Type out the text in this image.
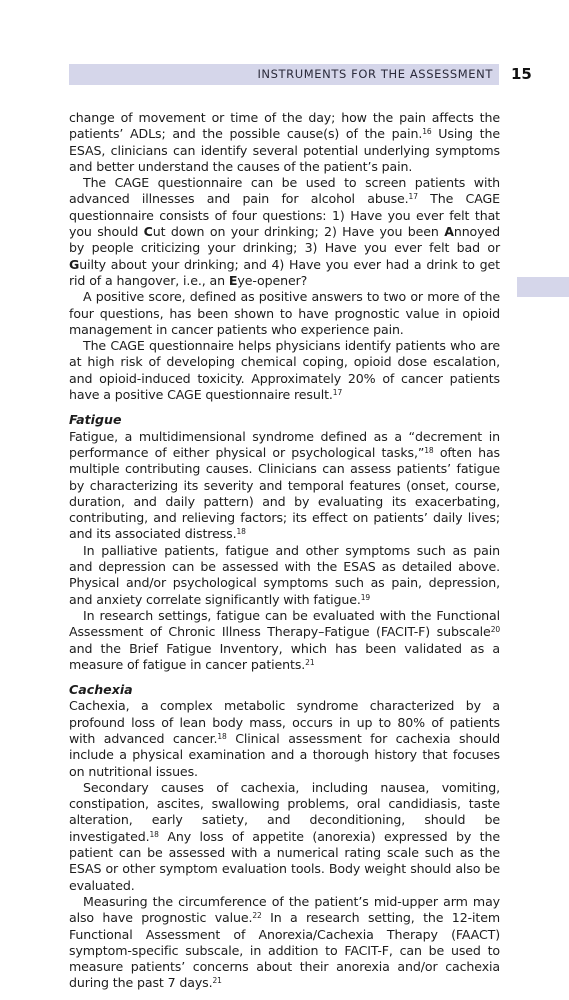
INSTRUMENTS FOR THE ASSESSMENT 15

change of movement or time of the day; how the pain affects the patients’ ADLs; and the possible cause(s) of the pain.$^{16}$ Using the ESAS, clinicians can identify several potential underlying symptoms and better understand the causes of the patient’s pain.

The CAGE questionnaire can be used to screen patients with advanced illnesses and pain for alcohol abuse.$^{17}$ The CAGE questionnaire consists of four questions: 1) Have you ever felt that you should Cut down on your drinking; 2) Have you been Annoyed by people criticizing your drinking; 3) Have you ever felt bad or Guilty about your drinking; and 4) Have you ever had a drink to get rid of a hangover, i.e., an Eye-opener?

A positive score, defined as positive answers to two or more of the four questions, has been shown to have prognostic value in opioid management in cancer patients who experience pain.

The CAGE questionnaire helps physicians identify patients who are at high risk of developing chemical coping, opioid dose escalation, and opioid-induced toxicity. Approximately 20% of cancer patients have a positive CAGE questionnaire result.$^{17}$

Fatigue

Fatigue, a multidimensional syndrome defined as a “decrement in performance of either physical or psychological tasks,”$^{18}$ often has multiple contributing causes. Clinicians can assess patients’ fatigue by characterizing its severity and temporal features (onset, course, duration, and daily pattern) and by evaluating its exacerbating, contributing, and relieving factors; its effect on patients’ daily lives; and its associated distress.$^{18}$

In palliative patients, fatigue and other symptoms such as pain and depression can be assessed with the ESAS as detailed above. Physical and/or psychological symptoms such as pain, depression, and anxiety correlate significantly with fatigue.$^{19}$

In research settings, fatigue can be evaluated with the Functional Assessment of Chronic Illness Therapy–Fatigue (FACIT-F) subscale$^{20}$ and the Brief Fatigue Inventory, which has been validated as a measure of fatigue in cancer patients.$^{21}$

Cachexia

Cachexia, a complex metabolic syndrome characterized by a profound loss of lean body mass, occurs in up to 80% of patients with advanced cancer.$^{18}$ Clinical assessment for cachexia should include a physical examination and a thorough history that focuses on nutritional issues.

Secondary causes of cachexia, including nausea, vomiting, constipation, ascites, swallowing problems, oral candidiasis, taste alteration, early satiety, and deconditioning, should be investigated.$^{18}$ Any loss of appetite (anorexia) expressed by the patient can be assessed with a numerical rating scale such as the ESAS or other symptom evaluation tools. Body weight should also be evaluated.

Measuring the circumference of the patient’s mid-upper arm may also have prognostic value.$^{22}$ In a research setting, the 12-item Functional Assessment of Anorexia/Cachexia Therapy (FAACT) symptom-specific subscale, in addition to FACIT-F, can be used to measure patients’ concerns about their anorexia and/or cachexia during the past 7 days.$^{21}$
